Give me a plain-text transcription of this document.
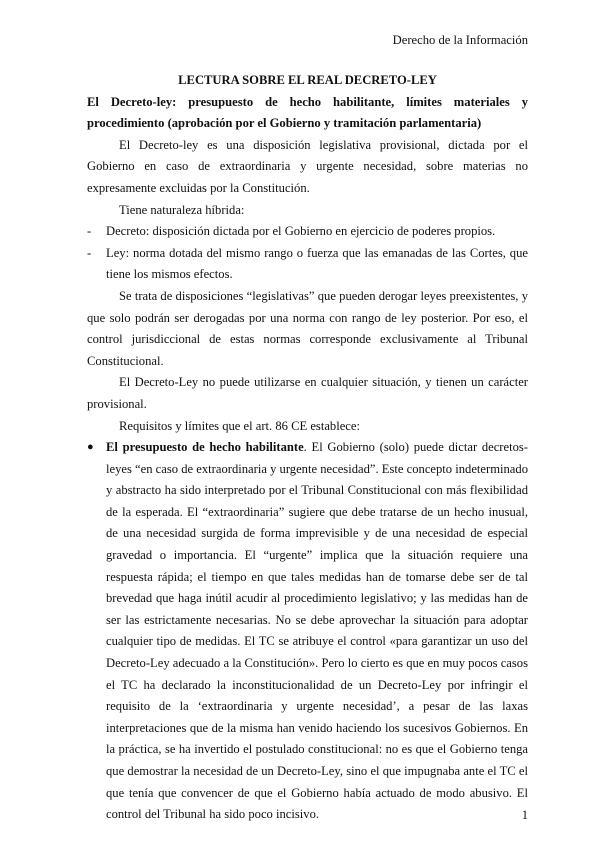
Derecho de la Información
LECTURA SOBRE EL REAL DECRETO-LEY
El Decreto-ley: presupuesto de hecho habilitante, límites materiales y procedimiento (aprobación por el Gobierno y tramitación parlamentaria)

El Decreto-ley es una disposición legislativa provisional, dictada por el Gobierno en caso de extraordinaria y urgente necesidad, sobre materias no expresamente excluidas por la Constitución.

Tiene naturaleza híbrida:

- Decreto: disposición dictada por el Gobierno en ejercicio de poderes propios.
- Ley: norma dotada del mismo rango o fuerza que las emanadas de las Cortes, que tiene los mismos efectos.

Se trata de disposiciones “legislativas” que pueden derogar leyes preexistentes, y que solo podrán ser derogadas por una norma con rango de ley posterior. Por eso, el control jurisdiccional de estas normas corresponde exclusivamente al Tribunal Constitucional.

El Decreto-Ley no puede utilizarse en cualquier situación, y tienen un carácter provisional.

Requisitos y límites que el art. 86 CE establece:

● El presupuesto de hecho habilitante. El Gobierno (solo) puede dictar decretos-leyes “en caso de extraordinaria y urgente necesidad”. Este concepto indeterminado y abstracto ha sido interpretado por el Tribunal Constitucional con más flexibilidad de la esperada. El “extraordinaria” sugiere que debe tratarse de un hecho inusual, de una necesidad surgida de forma imprevisible y de una necesidad de especial gravedad o importancia. El “urgente” implica que la situación requiere una respuesta rápida; el tiempo en que tales medidas han de tomarse debe ser de tal brevedad que haga inútil acudir al procedimiento legislativo; y las medidas han de ser las estrictamente necesarias. No se debe aprovechar la situación para adoptar cualquier tipo de medidas. El TC se atribuye el control «para garantizar un uso del Decreto-Ley adecuado a la Constitución». Pero lo cierto es que en muy pocos casos el TC ha declarado la inconstitucionalidad de un Decreto-Ley por infringir el requisito de la ‘extraordinaria y urgente necesidad’, a pesar de las laxas interpretaciones que de la misma han venido haciendo los sucesivos Gobiernos. En la práctica, se ha invertido el postulado constitucional: no es que el Gobierno tenga que demostrar la necesidad de un Decreto-Ley, sino el que impugnaba ante el TC el que tenía que convencer de que el Gobierno había actuado de modo abusivo. El control del Tribunal ha sido poco incisivo.	1
